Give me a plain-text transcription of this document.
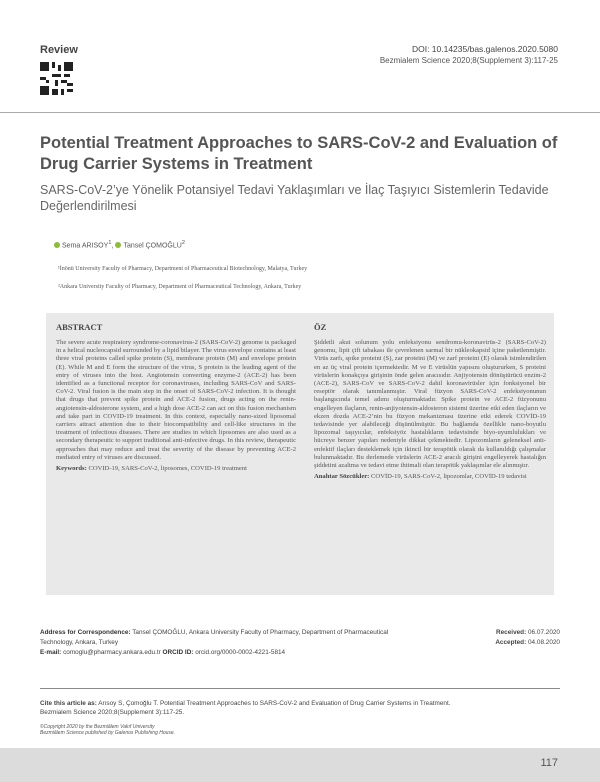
Review	DOI: 10.14235/bas.galenos.2020.5080
Bezmialem Science 2020;8(Supplement 3):117-25
Potential Treatment Approaches to SARS-CoV-2 and Evaluation of Drug Carrier Systems in Treatment
SARS-CoV-2’ye Yönelik Potansiyel Tedavi Yaklaşımları ve İlaç Taşıyıcı Sistemlerin Tedavide Değerlendirilmesi
Sema ARISOY$^1$, Tansel ÇOMOĞLU$^2$
¹İnönü University Faculty of Pharmacy, Department of Pharmaceutical Biotechnology, Malatya, Turkey
²Ankara University Faculty of Pharmacy, Department of Pharmaceutical Technology, Ankara, Turkey
ABSTRACT
The severe acute respiratory syndrome-coronavirus-2 (SARS-CoV-2) genome is packaged in a helical nucleocapsid surrounded by a lipid bilayer. The virus envelope contains at least three viral proteins called spike protein (S), membrane protein (M) and envelope protein (E). While M and E form the structure of the virus, S protein is the leading agent of the entry of viruses into the host. Angiotensin converting enzyme-2 (ACE-2) has been identified as a functional receptor for coronaviruses, including SARS-CoV and SARS-CoV-2. Viral fusion is the main step in the onset of SARS-CoV-2 infection. It is thought that drugs that prevent spike protein and ACE-2 fusion, drugs acting on the renin-angiotensin-aldosterone system, and a high dose ACE-2 can act on this fusion mechanism and take part in COVID-19 treatment. In this context, especially nano-sized liposomal carriers attract attention due to their biocompatibility and cell-like structures in the treatment of infectious diseases. There are studies in which liposomes are also used as a secondary therapeutic to support traditional anti-infective drugs. In this review, therapeutic approaches that may reduce and treat the severity of the disease by preventing ACE-2 mediated entry of viruses are discussed.
Keywords: COVID-19, SARS-CoV-2, liposomes, COVID-19 treatment
ÖZ
Şiddetli akut solunum yolu enfeksiyonu sendromu-koronavirüs-2 (SARS-CoV-2) genomu, lipit çift tabakası ile çevrelenen sarmal bir nükleokapsid içine paketlenmiştir. Virüs zarfı, spike proteini (S), zar proteini (M) ve zarf proteini (E) olarak isimlendirilen en az üç viral protein içermektedir. M ve E virüslün yapısını oluştururken, S proteini virüslerin konakçıya girişinin önde gelen aracısıdır. Anjiyotensin dönüştürücü enzim-2 (ACE-2), SARS-CoV ve SARS-CoV-2 dahil koronavirüsler için fonksiyonel bir reseptör olarak tanımlanmıştır. Viral füzyon SARS-CoV-2 enfeksiyonunun başlangıcında temel adımı oluşturmaktadır. Spike protein ve ACE-2 füzyonunu engelleyen ilaçların, renin-anjiyotensin-aldosteron sistemi üzerine etki eden ilaçların ve ekzen dozda ACE-2’nin bu füzyon mekanizması üzerine etki ederek COVİD-19 tedavisinde yer alabileceği düşünülmüştür. Bu bağlamda özellikle nano-boyutlu lipozomal taşıyıcılar, enfeksiyöz hastalıkların tedavisinde biyo-uyumlulukları ve hücreye benzer yapıları nedeniyle dikkat çekmektedir. Lipozomların geleneksel anti-enfektif ilaçları desteklemek için ikincil bir terapötik olarak da kullanıldığı çalışmalar bulunmaktadır. Bu derlemede virüslerin ACE-2 aracılı girişini engelleyerek hastalığın şiddetini azaltma ve tedavi etme ihtimali olan terapötik yaklaşımlar ele alınmıştır.
Anahtar Sözcükler: COVİD-19, SARS-CoV-2, lipozomlar, COVİD-19 tedavisi
Address for Correspondence: Tansel ÇOMOĞLU, Ankara University Faculty of Pharmacy, Department of Pharmaceutical Technology, Ankara, Turkey
E-mail: comoglu@pharmacy.ankara.edu.tr ORCID ID: orcid.org/0000-0002-4221-5814
Received: 06.07.2020
Accepted: 04.08.2020
Cite this article as: Arısoy S, Çomoğlu T. Potential Treatment Approaches to SARS-CoV-2 and Evaluation of Drug Carrier Systems in Treatment. Bezmialem Science 2020;8(Supplement 3):117-25.
©Copyright 2020 by the Bezmiâlem Vakıf University
Bezmiâlem Science published by Galenos Publishing House.
117
